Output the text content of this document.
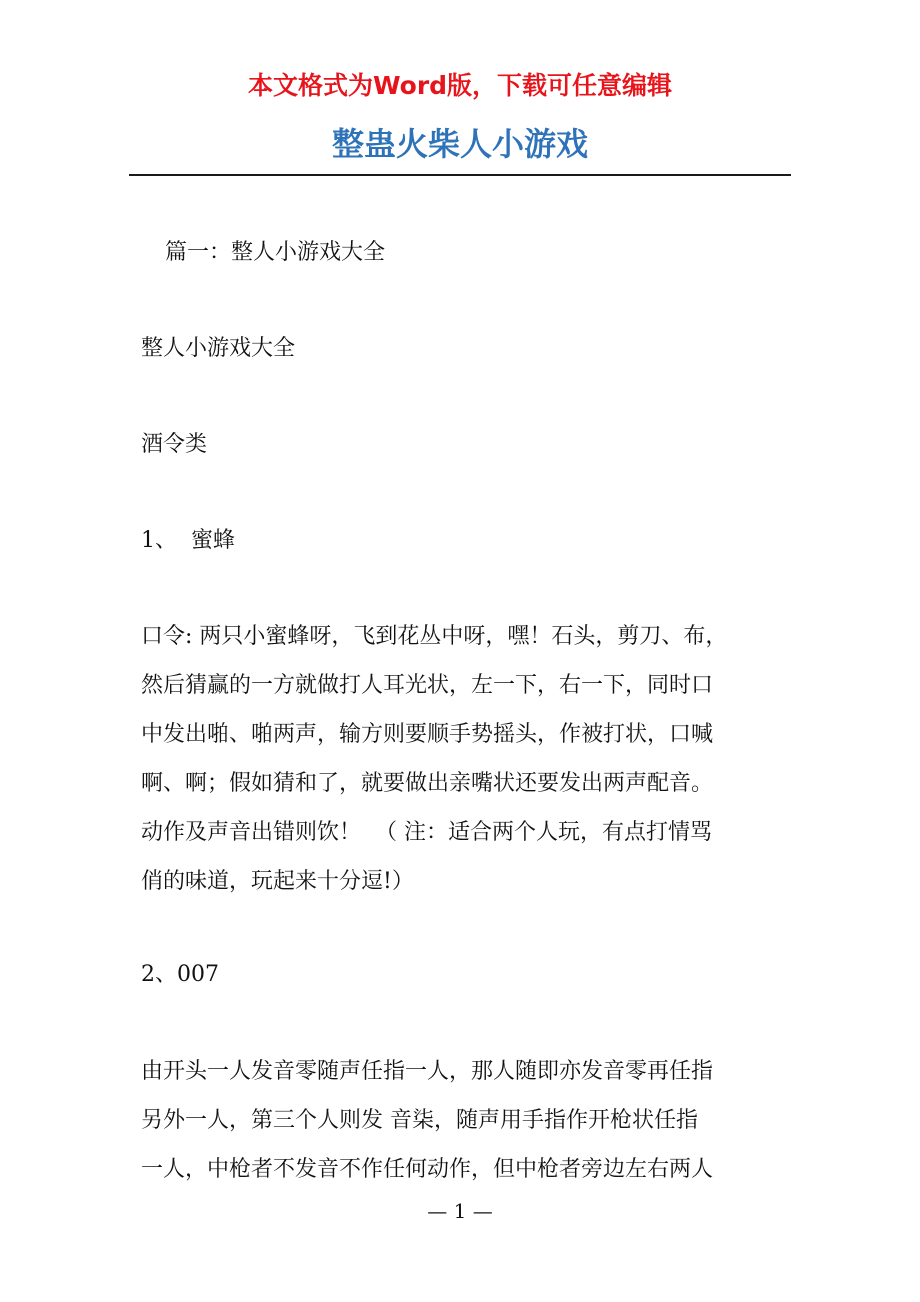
本文格式为Word版，下载可任意编辑

整蛊火柴人小游戏

篇一：整人小游戏大全

整人小游戏大全

酒令类

1、  蜜蜂

口令: 两只小蜜蜂呀，飞到花丛中呀，嘿！石头，剪刀、布，

然后猜赢的一方就做打人耳光状，左一下，右一下，同时口

中发出啪、啪两声，输方则要顺手势摇头，作被打状，口喊

啊、啊；假如猜和了，就要做出亲嘴状还要发出两声配音。

动作及声音出错则饮！  （ 注：适合两个人玩，有点打情骂

俏的味道，玩起来十分逗!）

2、007

由开头一人发音零随声任指一人，那人随即亦发音零再任指

另外一人，第三个人则发 音柒，随声用手指作开枪状任指

一人，中枪者不发音不作任何动作，但中枪者旁边左右两人

— 1 —
